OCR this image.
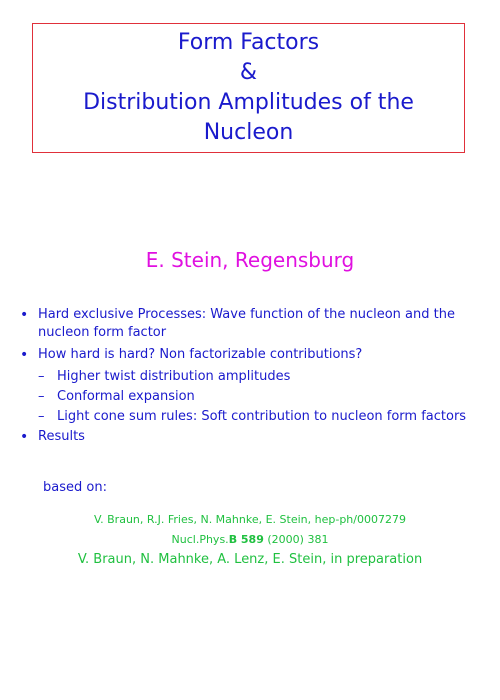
Form Factors
&
Distribution Amplitudes of the
Nucleon
E. Stein, Regensburg
• Hard exclusive Processes: Wave function of the nucleon and the nucleon form factor
• How hard is hard? Non factorizable contributions?
– Higher twist distribution amplitudes
– Conformal expansion
– Light cone sum rules: Soft contribution to nucleon form factors
• Results
based on:
V. Braun, R.J. Fries, N. Mahnke, E. Stein, hep-ph/0007279
Nucl.Phys.B 589 (2000) 381
V. Braun, N. Mahnke, A. Lenz, E. Stein, in preparation
